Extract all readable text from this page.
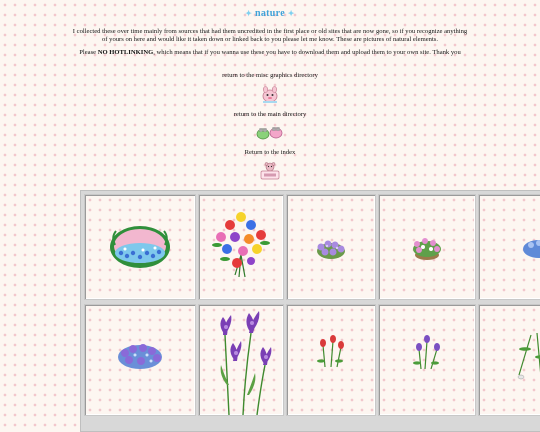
✦ nature ✦
I collected these over time mainly from sources that had them uncredited in the first place or old sites that are now gone, so if you recognize anything of yours on here and would like it taken down or linked back to you please let me know. These are pictures of natural elements.
Please NO HOTLINKING, which means that if you wanna use these you have to download them and upload them to your own site. Thank you
return to the misc graphics directory
return to the main directory
Return to the index
